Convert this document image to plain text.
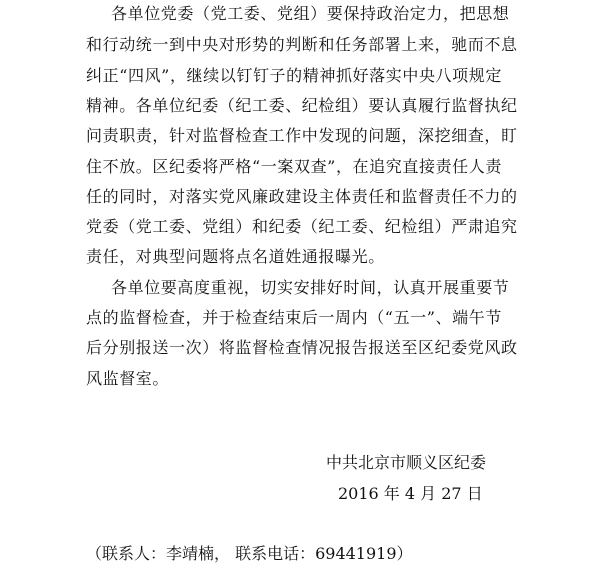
各单位党委（党工委、党组）要保持政治定力，把思想
和行动统一到中央对形势的判断和任务部署上来，驰而不息
纠正“四风”，继续以钉钉子的精神抓好落实中央八项规定
精神。各单位纪委（纪工委、纪检组）要认真履行监督执纪
问责职责，针对监督检查工作中发现的问题，深挖细查，盯
住不放。区纪委将严格“一案双查”，在追究直接责任人责
任的同时，对落实党风廉政建设主体责任和监督责任不力的
党委（党工委、党组）和纪委（纪工委、纪检组）严肃追究
责任，对典型问题将点名道姓通报曝光。
各单位要高度重视，切实安排好时间，认真开展重要节
点的监督检查，并于检查结束后一周内（“五一”、端午节
后分别报送一次）将监督检查情况报告报送至区纪委党风政
风监督室。
中共北京市顺义区纪委
2016 年 4 月 27 日
（联系人：李靖楠， 联系电话：69441919）
